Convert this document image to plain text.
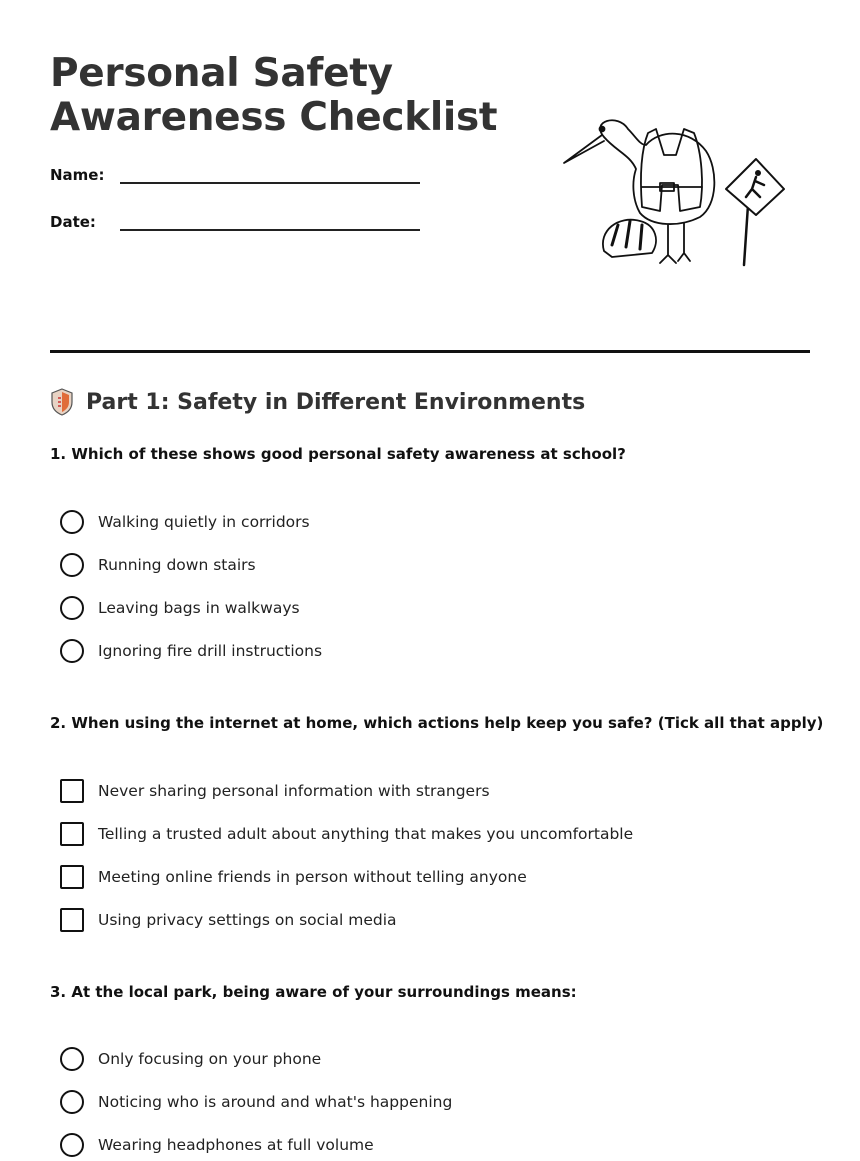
Personal Safety
Awareness Checklist
Name:
Date:
Part 1: Safety in Different Environments

1. Which of these shows good personal safety awareness at school?

Walking quietly in corridors
Running down stairs
Leaving bags in walkways
Ignoring fire drill instructions

2. When using the internet at home, which actions help keep you safe? (Tick all that apply)

Never sharing personal information with strangers
Telling a trusted adult about anything that makes you uncomfortable
Meeting online friends in person without telling anyone
Using privacy settings on social media

3. At the local park, being aware of your surroundings means:

Only focusing on your phone
Noticing who is around and what's happening
Wearing headphones at full volume
